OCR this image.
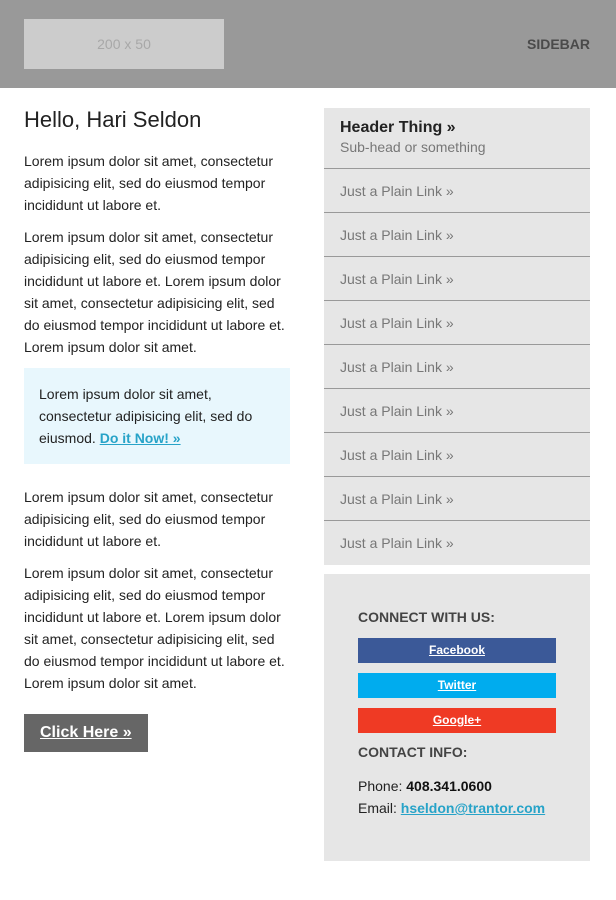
200 x 50	SIDEBAR
Hello, Hari Seldon

Lorem ipsum dolor sit amet, consectetur adipisicing elit, sed do eiusmod tempor incididunt ut labore et.

Lorem ipsum dolor sit amet, consectetur adipisicing elit, sed do eiusmod tempor incididunt ut labore et. Lorem ipsum dolor sit amet, consectetur adipisicing elit, sed do eiusmod tempor incididunt ut labore et. Lorem ipsum dolor sit amet.

Lorem ipsum dolor sit amet, consectetur adipisicing elit, sed do eiusmod. Do it Now! »

Lorem ipsum dolor sit amet, consectetur adipisicing elit, sed do eiusmod tempor incididunt ut labore et.

Lorem ipsum dolor sit amet, consectetur adipisicing elit, sed do eiusmod tempor incididunt ut labore et. Lorem ipsum dolor sit amet, consectetur adipisicing elit, sed do eiusmod tempor incididunt ut labore et. Lorem ipsum dolor sit amet.

Click Here »
Header Thing »
Sub-head or something
Just a Plain Link »
Just a Plain Link »
Just a Plain Link »
Just a Plain Link »
Just a Plain Link »
Just a Plain Link »
Just a Plain Link »
Just a Plain Link »
Just a Plain Link »
CONNECT WITH US:
Facebook
Twitter
Google+
CONTACT INFO:
Phone: 408.341.0600
Email: hseldon@trantor.com
